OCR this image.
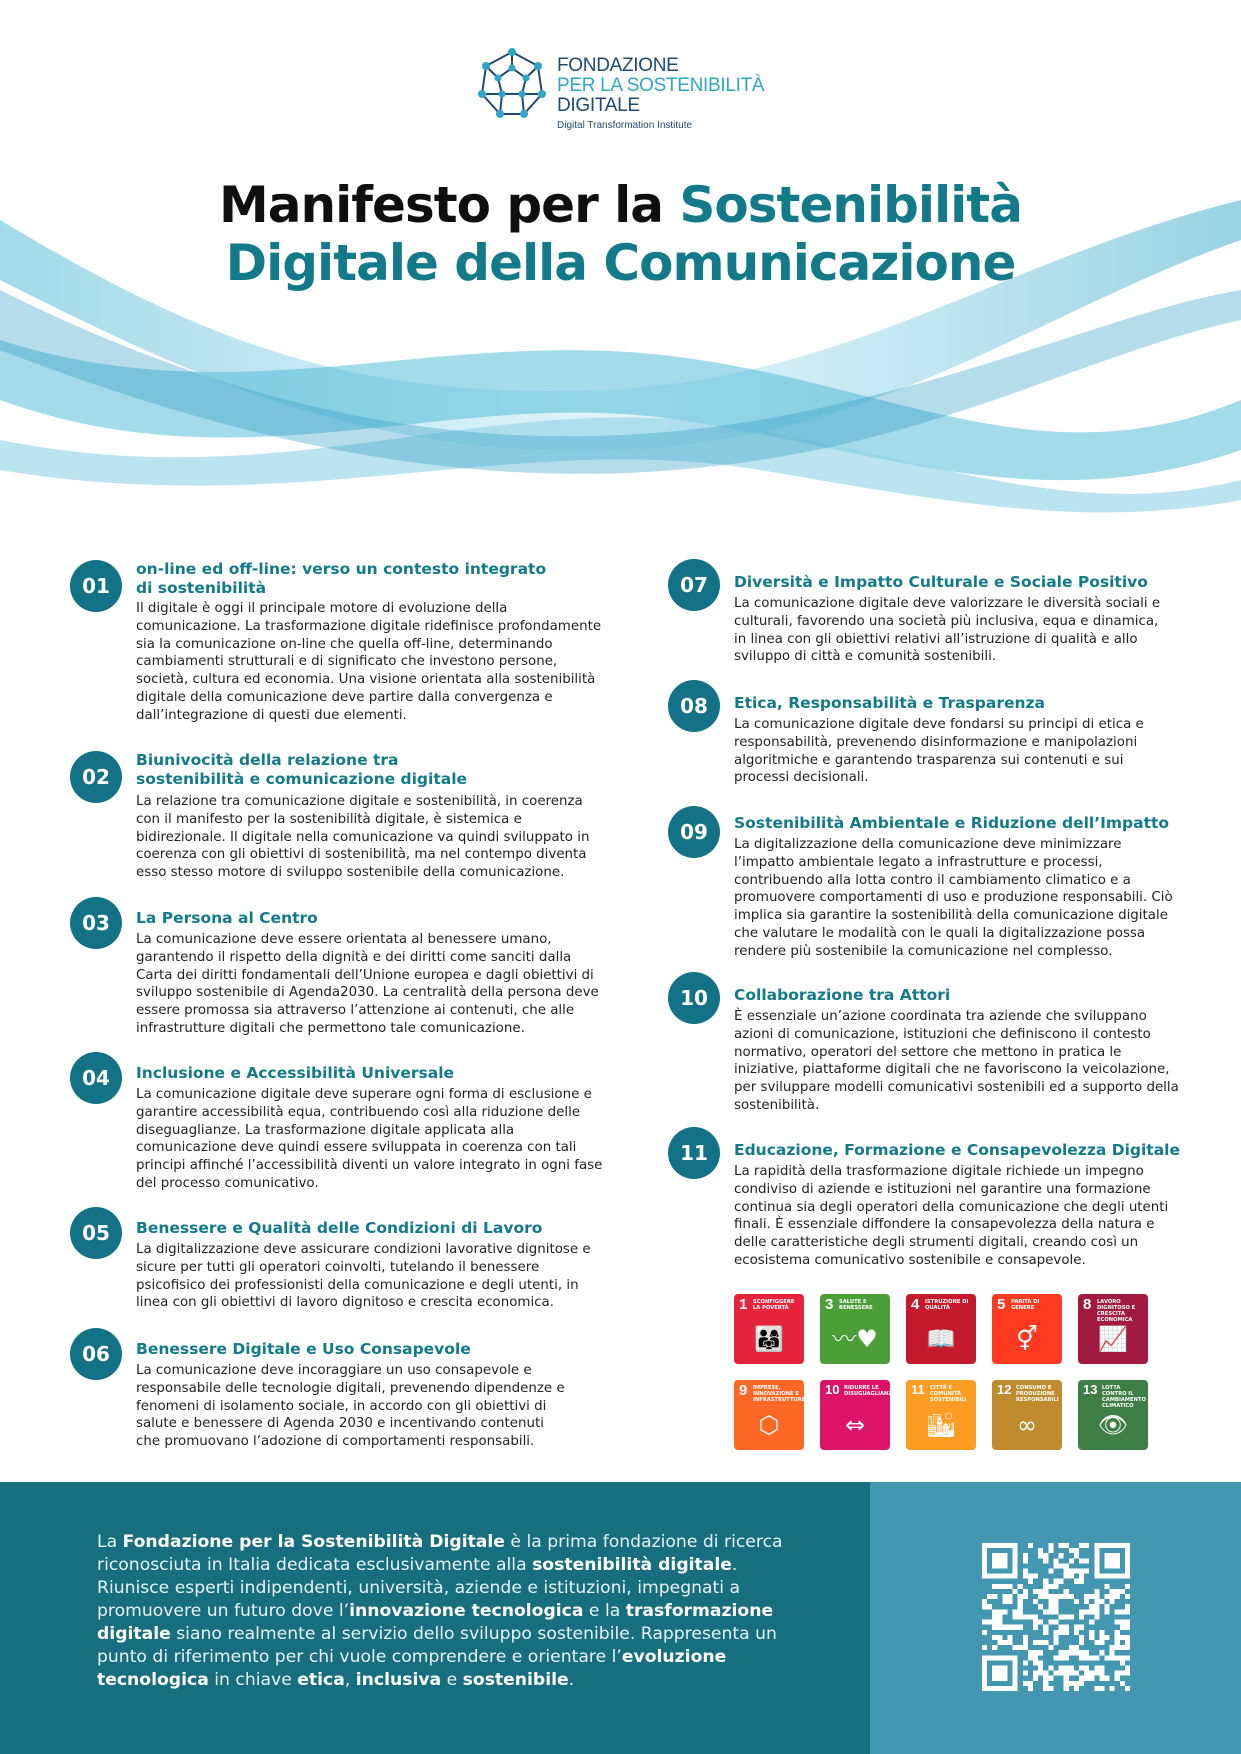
FONDAZIONE
PER LA SOSTENIBILITÀ
DIGITALE
Digital Transformation Institute
Manifesto per la Sostenibilità
Digitale della Comunicazione
01
on-line ed off-line: verso un contesto integrato di sostenibilità
Il digitale è oggi il principale motore di evoluzione della comunicazione. La trasformazione digitale ridefinisce profondamente sia la comunicazione on-line che quella off-line, determinando cambiamenti strutturali e di significato che investono persone, società, cultura ed economia. Una visione orientata alla sostenibilità digitale della comunicazione deve partire dalla convergenza e dall’integrazione di questi due elementi.
02
Biunivocità della relazione tra sostenibilità e comunicazione digitale
La relazione tra comunicazione digitale e sostenibilità, in coerenza con il manifesto per la sostenibilità digitale, è sistemica e bidirezionale. Il digitale nella comunicazione va quindi sviluppato in coerenza con gli obiettivi di sostenibilità, ma nel contempo diventa esso stesso motore di sviluppo sostenibile della comunicazione.
03	La Persona al Centro
La comunicazione deve essere orientata al benessere umano, garantendo il rispetto della dignità e dei diritti come sanciti dalla Carta dei diritti fondamentali dell’Unione europea e dagli obiettivi di sviluppo sostenibile di Agenda2030. La centralità della persona deve essere promossa sia attraverso l’attenzione ai contenuti, che alle infrastrutture digitali che permettono tale comunicazione.
04	Inclusione e Accessibilità Universale
La comunicazione digitale deve superare ogni forma di esclusione e garantire accessibilità equa, contribuendo così alla riduzione delle diseguaglianze. La trasformazione digitale applicata alla comunicazione deve quindi essere sviluppata in coerenza con tali principi affinché l’accessibilità diventi un valore integrato in ogni fase del processo comunicativo.
05	Benessere e Qualità delle Condizioni di Lavoro
La digitalizzazione deve assicurare condizioni lavorative dignitose e sicure per tutti gli operatori coinvolti, tutelando il benessere psicofisico dei professionisti della comunicazione e degli utenti, in linea con gli obiettivi di lavoro dignitoso e crescita economica.
06	Benessere Digitale e Uso Consapevole
La comunicazione deve incoraggiare un uso consapevole e responsabile delle tecnologie digitali, prevenendo dipendenze e fenomeni di isolamento sociale, in accordo con gli obiettivi di salute e benessere di Agenda 2030 e incentivando contenuti che promuovano l’adozione di comportamenti responsabili.
07	Diversità e Impatto Culturale e Sociale Positivo
La comunicazione digitale deve valorizzare le diversità sociali e culturali, favorendo una società più inclusiva, equa e dinamica, in linea con gli obiettivi relativi all’istruzione di qualità e allo sviluppo di città e comunità sostenibili.
08	Etica, Responsabilità e Trasparenza
La comunicazione digitale deve fondarsi su principi di etica e responsabilità, prevenendo disinformazione e manipolazioni algoritmiche e garantendo trasparenza sui contenuti e sui processi decisionali.
09	Sostenibilità Ambientale e Riduzione dell’Impatto
La digitalizzazione della comunicazione deve minimizzare l’impatto ambientale legato a infrastrutture e processi, contribuendo alla lotta contro il cambiamento climatico e a promuovere comportamenti di uso e produzione responsabili. Ciò implica sia garantire la sostenibilità della comunicazione digitale che valutare le modalità con le quali la digitalizzazione possa rendere più sostenibile la comunicazione nel complesso.
10	Collaborazione tra Attori
È essenziale un’azione coordinata tra aziende che sviluppano azioni di comunicazione, istituzioni che definiscono il contesto normativo, operatori del settore che mettono in pratica le iniziative, piattaforme digitali che ne favoriscono la veicolazione, per sviluppare modelli comunicativi sostenibili ed a supporto della sostenibilità.
11	Educazione, Formazione e Consapevolezza Digitale
La rapidità della trasformazione digitale richiede un impegno condiviso di aziende e istituzioni nel garantire una formazione continua sia degli operatori della comunicazione che degli utenti finali. È essenziale diffondere la consapevolezza della natura e delle caratteristiche degli strumenti digitali, creando così un ecosistema comunicativo sostenibile e consapevole.
1 SCONFIGGERE LA POVERTÀ
👨‍👩‍👧
3 SALUTE E BENESSERE
〰♥
4 ISTRUZIONE DI QUALITÀ
📖
5 PARITÀ DI GENERE
⚥
8 LAVORO DIGNITOSO E CRESCITA ECONOMICA
📈
9 IMPRESE, INNOVAZIONE E INFRASTRUTTURE
⬡
10 RIDURRE LE DISUGUAGLIANZE
⇔
11 CITTÀ E COMUNITÀ SOSTENIBILI
🏙
12 CONSUMO E PRODUZIONE RESPONSABILI
∞
13 LOTTA CONTRO IL CAMBIAMENTO CLIMATICO
👁
La Fondazione per la Sostenibilità Digitale è la prima fondazione di ricerca riconosciuta in Italia dedicata esclusivamente alla sostenibilità digitale. Riunisce esperti indipendenti, università, aziende e istituzioni, impegnati a promuovere un futuro dove l’innovazione tecnologica e la trasformazione digitale siano realmente al servizio dello sviluppo sostenibile. Rappresenta un punto di riferimento per chi vuole comprendere e orientare l’evoluzione tecnologica in chiave etica, inclusiva e sostenibile.
